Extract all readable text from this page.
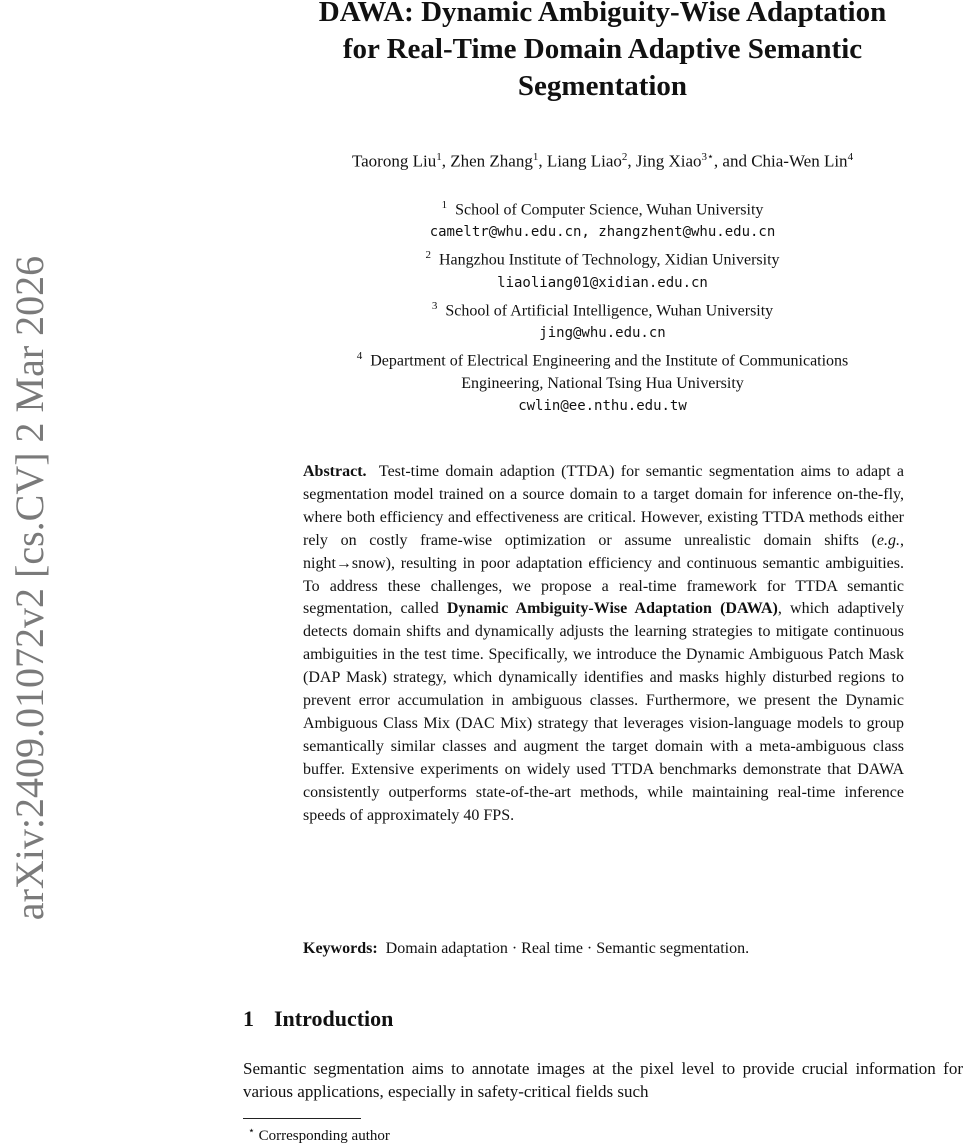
arXiv:2409.01072v2 [cs.CV] 2 Mar 2026
DAWA: Dynamic Ambiguity-Wise Adaptation
for Real-Time Domain Adaptive Semantic
Segmentation
Taorong Liu$^1$, Zhen Zhang$^1$, Liang Liao$^2$, Jing Xiao$^{3⋆}$, and Chia-Wen Lin$^4$
$^1$ School of Computer Science, Wuhan University
cameltr@whu.edu.cn, zhangzhent@whu.edu.cn
$^2$ Hangzhou Institute of Technology, Xidian University
liaoliang01@xidian.edu.cn
$^3$ School of Artificial Intelligence, Wuhan University
jing@whu.edu.cn
$^4$ Department of Electrical Engineering and the Institute of Communications
Engineering, National Tsing Hua University
cwlin@ee.nthu.edu.tw
Abstract. Test-time domain adaption (TTDA) for semantic segmentation aims to adapt a segmentation model trained on a source domain to a target domain for inference on-the-fly, where both efficiency and effectiveness are critical. However, existing TTDA methods either rely on costly frame-wise optimization or assume unrealistic domain shifts (e.g., night→snow), resulting in poor adaptation efficiency and continuous semantic ambiguities. To address these challenges, we propose a real-time framework for TTDA semantic segmentation, called Dynamic Ambiguity-Wise Adaptation (DAWA), which adaptively detects domain shifts and dynamically adjusts the learning strategies to mitigate continuous ambiguities in the test time. Specifically, we introduce the Dynamic Ambiguous Patch Mask (DAP Mask) strategy, which dynamically identifies and masks highly disturbed regions to prevent error accumulation in ambiguous classes. Furthermore, we present the Dynamic Ambiguous Class Mix (DAC Mix) strategy that leverages vision-language models to group semantically similar classes and augment the target domain with a meta-ambiguous class buffer. Extensive experiments on widely used TTDA benchmarks demonstrate that DAWA consistently outperforms state-of-the-art methods, while maintaining real-time inference speeds of approximately 40 FPS.
Keywords: Domain adaptation · Real time · Semantic segmentation.
1 Introduction
Semantic segmentation aims to annotate images at the pixel level to provide crucial information for various applications, especially in safety-critical fields such
⋆ Corresponding author
